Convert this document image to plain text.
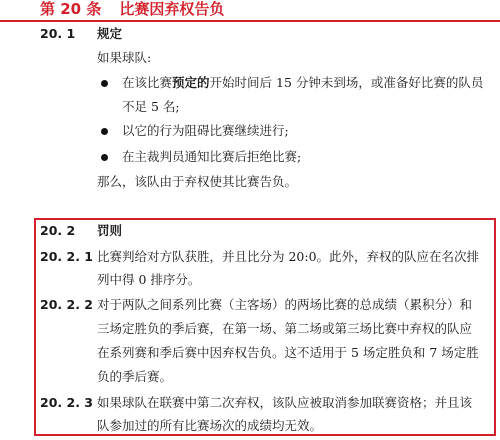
第 20 条 比赛因弃权告负
20. 1 规定
如果球队:
在该比赛预定的开始时间后 15 分钟未到场，或准备好比赛的队员
不足 5 名;
以它的行为阻碍比赛继续进行;
在主裁判员通知比赛后拒绝比赛;
那么，该队由于弃权使其比赛告负。
20. 2 罚则
20. 2. 1 比赛判给对方队获胜，并且比分为 20:0。此外，弃权的队应在名次排
列中得 0 排序分。
20. 2. 2 对于两队之间系列比赛（主客场）的两场比赛的总成绩（累积分）和
三场定胜负的季后赛，在第一场、第二场或第三场比赛中弃权的队应
在系列赛和季后赛中因弃权告负。这不适用于 5 场定胜负和 7 场定胜
负的季后赛。
20. 2. 3 如果球队在联赛中第二次弃权，该队应被取消参加联赛资格；并且该
队参加过的所有比赛场次的成绩均无效。
